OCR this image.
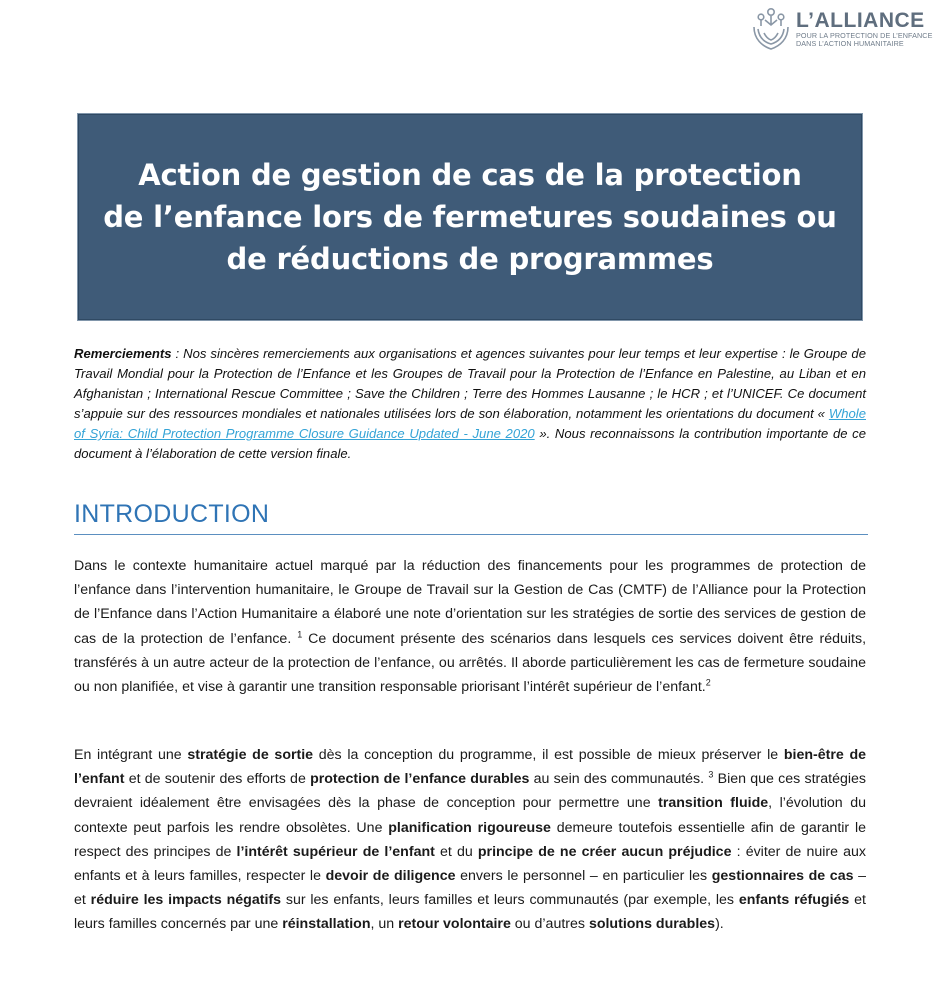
L’ALLIANCE
POUR LA PROTECTION DE L’ENFANCE
DANS L’ACTION HUMANITAIRE
Action de gestion de cas de la protection
de l’enfance lors de fermetures soudaines ou
de réductions de programmes

Remerciements : Nos sincères remerciements aux organisations et agences suivantes pour leur temps et leur expertise : le Groupe de Travail Mondial pour la Protection de l’Enfance et les Groupes de Travail pour la Protection de l’Enfance en Palestine, au Liban et en Afghanistan ; International Rescue Committee ; Save the Children ; Terre des Hommes Lausanne ; le HCR ; et l’UNICEF. Ce document s’appuie sur des ressources mondiales et nationales utilisées lors de son élaboration, notamment les orientations du document « Whole of Syria: Child Protection Programme Closure Guidance Updated - June 2020 ». Nous reconnaissons la contribution importante de ce document à l’élaboration de cette version finale.

INTRODUCTION

Dans le contexte humanitaire actuel marqué par la réduction des financements pour les programmes de protection de l’enfance dans l’intervention humanitaire, le Groupe de Travail sur la Gestion de Cas (CMTF) de l’Alliance pour la Protection de l’Enfance dans l’Action Humanitaire a élaboré une note d’orientation sur les stratégies de sortie des services de gestion de cas de la protection de l’enfance. $^1$ Ce document présente des scénarios dans lesquels ces services doivent être réduits, transférés à un autre acteur de la protection de l’enfance, ou arrêtés. Il aborde particulièrement les cas de fermeture soudaine ou non planifiée, et vise à garantir une transition responsable priorisant l’intérêt supérieur de l’enfant.$^2$

En intégrant une stratégie de sortie dès la conception du programme, il est possible de mieux préserver le bien-être de l’enfant et de soutenir des efforts de protection de l’enfance durables au sein des communautés. $^3$ Bien que ces stratégies devraient idéalement être envisagées dès la phase de conception pour permettre une transition fluide, l’évolution du contexte peut parfois les rendre obsolètes. Une planification rigoureuse demeure toutefois essentielle afin de garantir le respect des principes de l’intérêt supérieur de l’enfant et du principe de ne créer aucun préjudice : éviter de nuire aux enfants et à leurs familles, respecter le devoir de diligence envers le personnel – en particulier les gestionnaires de cas – et réduire les impacts négatifs sur les enfants, leurs familles et leurs communautés (par exemple, les enfants réfugiés et leurs familles concernés par une réinstallation, un retour volontaire ou d’autres solutions durables).
